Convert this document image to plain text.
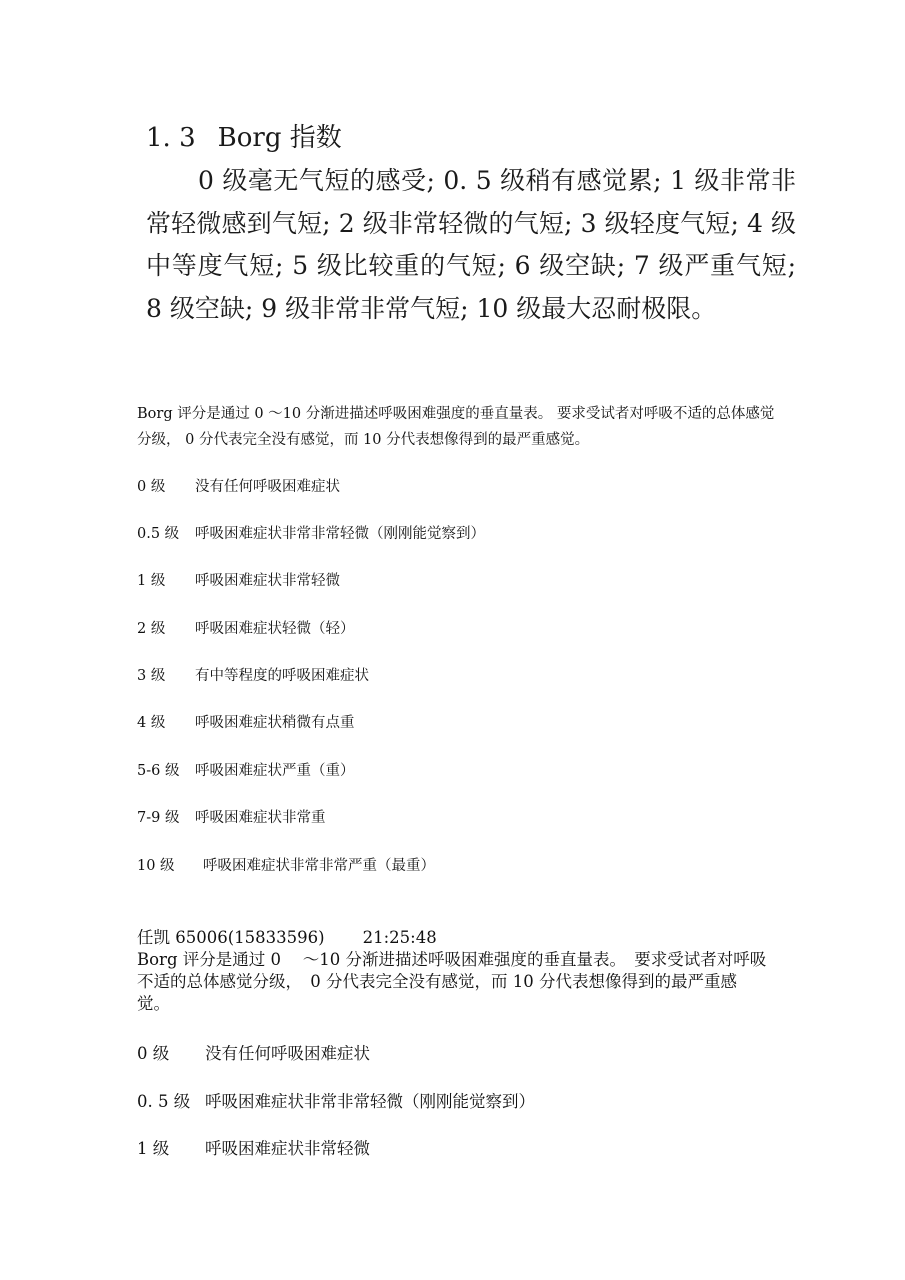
1. 3 Borg 指数

0 级毫无气短的感受; 0. 5 级稍有感觉累; 1 级非常非常轻微感到气短; 2 级非常轻微的气短; 3 级轻度气短; 4 级中等度气短; 5 级比较重的气短; 6 级空缺; 7 级严重气短; 8 级空缺; 9 级非常非常气短; 10 级最大忍耐极限。

Borg 评分是通过 0 ～10 分渐进描述呼吸困难强度的垂直量表。 要求受试者对呼吸不适的总体感觉分级， 0 分代表完全没有感觉，而 10 分代表想像得到的最严重感觉。

0 级 没有任何呼吸困难症状
0.5 级 呼吸困难症状非常非常轻微（刚刚能觉察到）
1 级 呼吸困难症状非常轻微
2 级 呼吸困难症状轻微（轻）
3 级 有中等程度的呼吸困难症状
4 级 呼吸困难症状稍微有点重
5-6 级 呼吸困难症状严重（重）
7-9 级 呼吸困难症状非常重
10 级 呼吸困难症状非常非常严重（最重）
任凯 65006(15833596) 21:25:48

Borg 评分是通过 0 　～10 分渐进描述呼吸困难强度的垂直量表。　要求受试者对呼吸不适的总体感觉分级，　0 分代表完全没有感觉，而 10 分代表想像得到的最严重感觉。

0 级 没有任何呼吸困难症状
0. 5 级 呼吸困难症状非常非常轻微（刚刚能觉察到）
1 级 呼吸困难症状非常轻微
